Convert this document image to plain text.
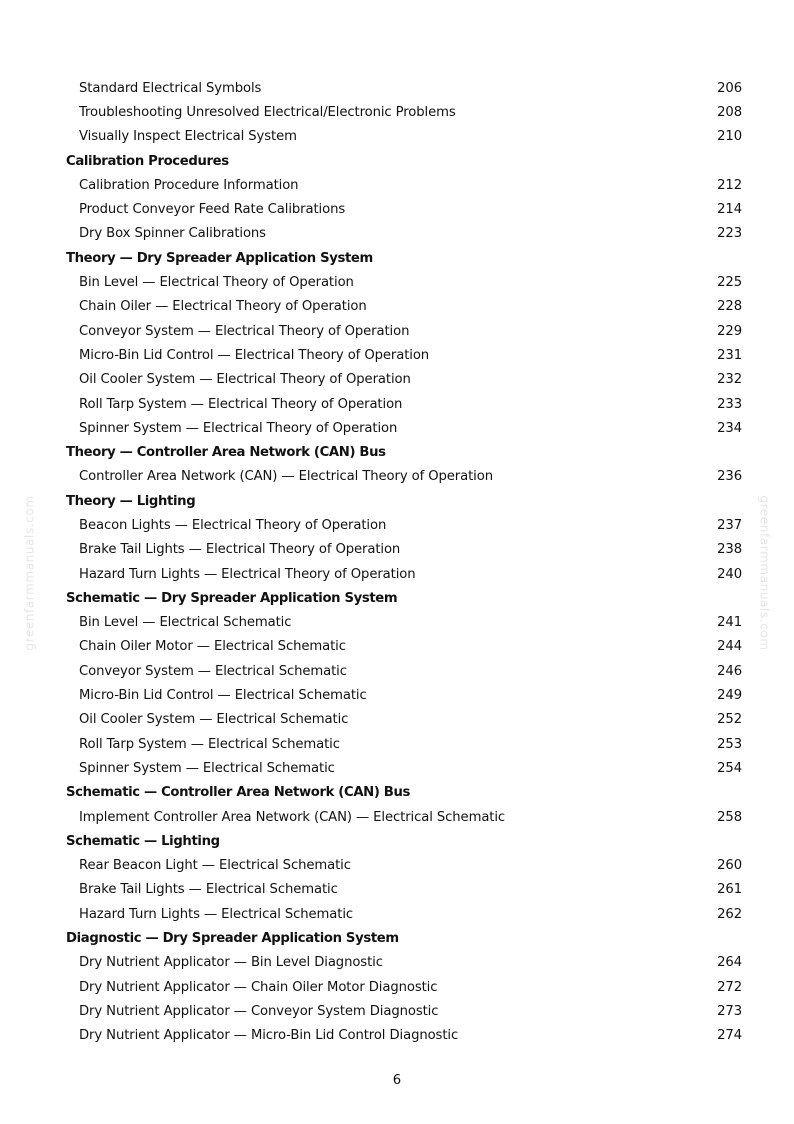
greenfarmmanuals.com	greenfarmmanuals.com
Standard Electrical Symbols	206
Troubleshooting Unresolved Electrical/Electronic Problems	208
Visually Inspect Electrical System	210
Calibration Procedures
Calibration Procedure Information	212
Product Conveyor Feed Rate Calibrations	214
Dry Box Spinner Calibrations	223
Theory — Dry Spreader Application System
Bin Level — Electrical Theory of Operation	225
Chain Oiler — Electrical Theory of Operation	228
Conveyor System — Electrical Theory of Operation	229
Micro-Bin Lid Control — Electrical Theory of Operation	231
Oil Cooler System — Electrical Theory of Operation	232
Roll Tarp System — Electrical Theory of Operation	233
Spinner System — Electrical Theory of Operation	234
Theory — Controller Area Network (CAN) Bus
Controller Area Network (CAN) — Electrical Theory of Operation	236
Theory — Lighting
Beacon Lights — Electrical Theory of Operation	237
Brake Tail Lights — Electrical Theory of Operation	238
Hazard Turn Lights — Electrical Theory of Operation	240
Schematic — Dry Spreader Application System
Bin Level — Electrical Schematic	241
Chain Oiler Motor — Electrical Schematic	244
Conveyor System — Electrical Schematic	246
Micro-Bin Lid Control — Electrical Schematic	249
Oil Cooler System — Electrical Schematic	252
Roll Tarp System — Electrical Schematic	253
Spinner System — Electrical Schematic	254
Schematic — Controller Area Network (CAN) Bus
Implement Controller Area Network (CAN) — Electrical Schematic	258
Schematic — Lighting
Rear Beacon Light — Electrical Schematic	260
Brake Tail Lights — Electrical Schematic	261
Hazard Turn Lights — Electrical Schematic	262
Diagnostic — Dry Spreader Application System
Dry Nutrient Applicator — Bin Level Diagnostic	264
Dry Nutrient Applicator — Chain Oiler Motor Diagnostic	272
Dry Nutrient Applicator — Conveyor System Diagnostic	273
Dry Nutrient Applicator — Micro-Bin Lid Control Diagnostic	274
6
